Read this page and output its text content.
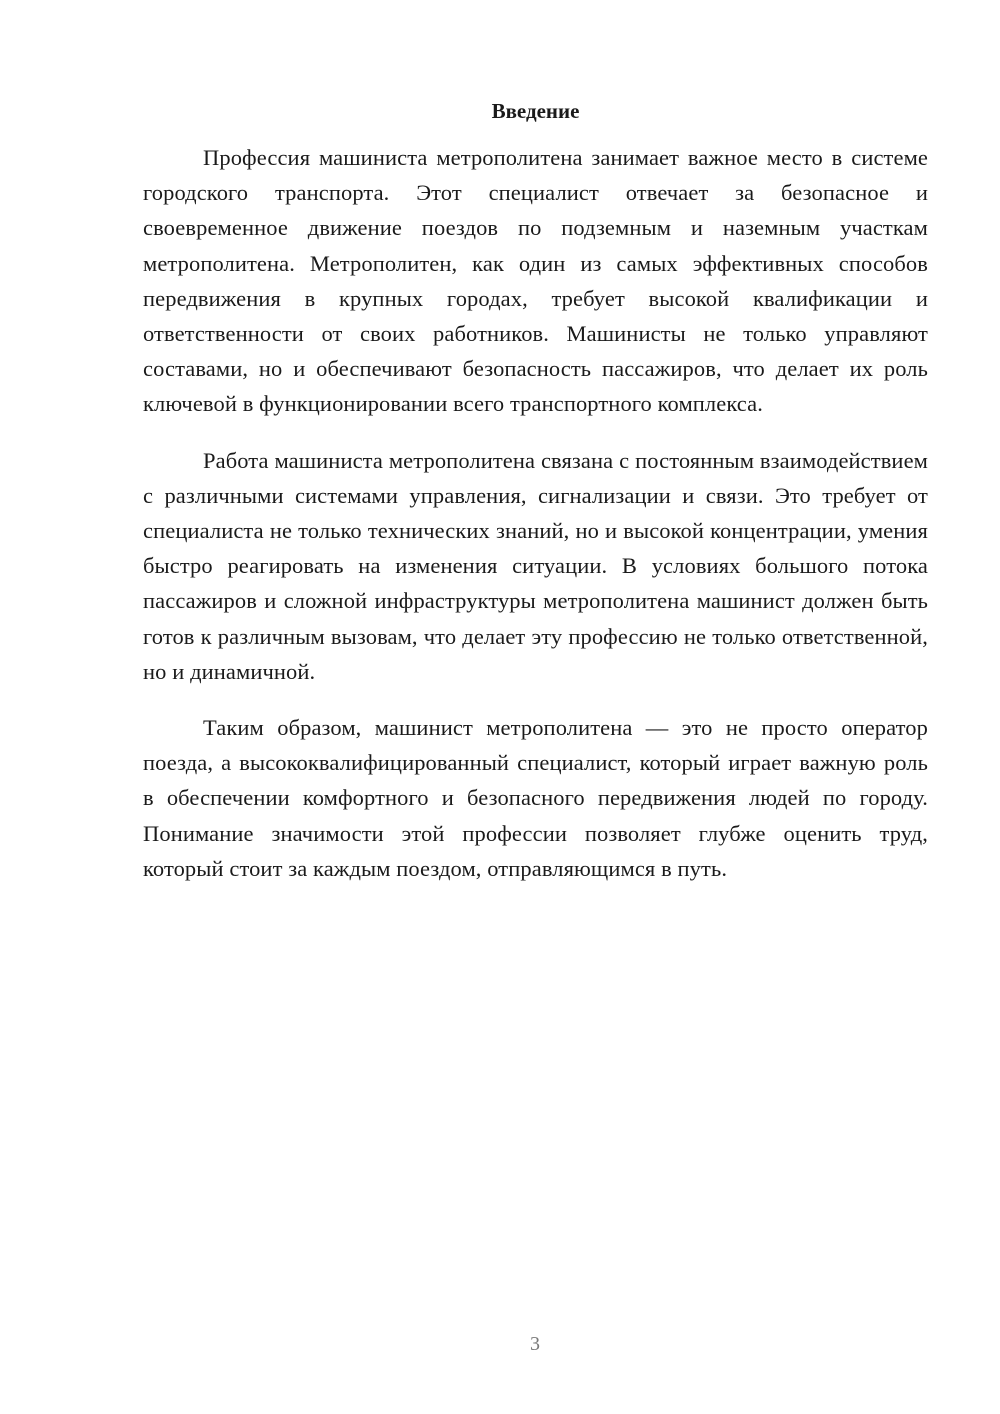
Введение

Профессия машиниста метрополитена занимает важное место в системе городского транспорта. Этот специалист отвечает за безопасное и своевременное движение поездов по подземным и наземным участкам метрополитена. Метрополитен, как один из самых эффективных способов передвижения в крупных городах, требует высокой квалификации и ответственности от своих работников. Машинисты не только управляют составами, но и обеспечивают безопасность пассажиров, что делает их роль ключевой в функционировании всего транспортного комплекса.

Работа машиниста метрополитена связана с постоянным взаимодействием с различными системами управления, сигнализации и связи. Это требует от специалиста не только технических знаний, но и высокой концентрации, умения быстро реагировать на изменения ситуации. В условиях большого потока пассажиров и сложной инфраструктуры метрополитена машинист должен быть готов к различным вызовам, что делает эту профессию не только ответственной, но и динамичной.

Таким образом, машинист метрополитена — это не просто оператор поезда, а высококвалифицированный специалист, который играет важную роль в обеспечении комфортного и безопасного передвижения людей по городу. Понимание значимости этой профессии позволяет глубже оценить труд, который стоит за каждым поездом, отправляющимся в путь.

3
